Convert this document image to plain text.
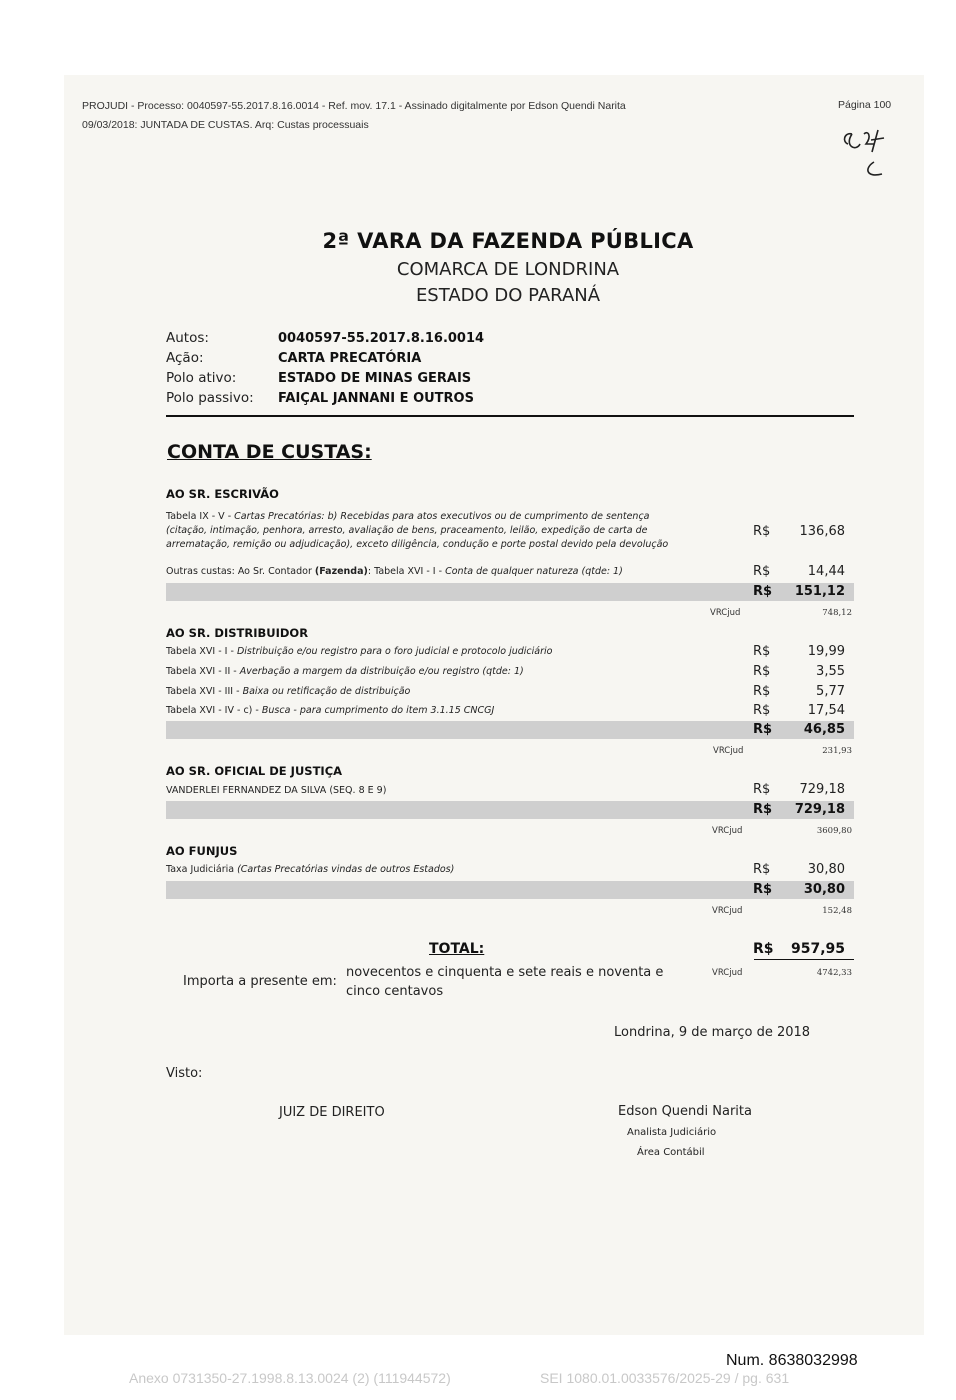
PROJUDI - Processo: 0040597-55.2017.8.16.0014 - Ref. mov. 17.1 - Assinado digitalmente por Edson Quendi Narita
09/03/2018: JUNTADA DE CUSTAS. Arq: Custas processuais
Página 100
2ª VARA DA FAZENDA PÚBLICA
COMARCA DE LONDRINA
ESTADO DO PARANÁ
Autos:	0040597-55.2017.8.16.0014
Ação:	CARTA PRECATÓRIA
Polo ativo:	ESTADO DE MINAS GERAIS
Polo passivo: FAIÇAL JANNANI E OUTROS
CONTA DE CUSTAS:
AO SR. ESCRIVÃO
Tabela IX - V - Cartas Precatórias: b) Recebidas para atos executivos ou de cumprimento de sentença
(citação, intimação, penhora, arresto, avaliação de bens, praceamento, leilão, expedição de carta de
arrematação, remição ou adjudicação), exceto diligência, condução e porte postal devido pela devolução
R$	136,68
Outras custas: Ao Sr. Contador (Fazenda): Tabela XVI - I - Conta de qualquer natureza (qtde: 1)	R$	14,44
R$	151,12
VRCjud	748,12
AO SR. DISTRIBUIDOR
Tabela XVI - I - Distribuição e/ou registro para o foro judicial e protocolo judiciário	R$	19,99
Tabela XVI - II - Averbação a margem da distribuição e/ou registro (qtde: 1)	R$	3,55
Tabela XVI - III - Baixa ou retificação de distribuição	R$	5,77
Tabela XVI - IV - c) - Busca - para cumprimento do item 3.1.15 CNCGJ	R$	17,54
R$	46,85
VRCjud	231,93
AO SR. OFICIAL DE JUSTIÇA
VANDERLEI FERNANDEZ DA SILVA (SEQ. 8 E 9)	R$	729,18
R$	729,18
VRCjud	3609,80
AO FUNJUS
Taxa Judiciária (Cartas Precatórias vindas de outros Estados)	R$	30,80
R$	30,80
VRCjud	152,48
TOTAL:	R$	957,95
Importa a presente em:
novecentos e cinquenta e sete reais e noventa e
cinco centavos
VRCjud	4742,33
Londrina, 9 de março de 2018
Visto:
JUIZ DE DIREITO	Edson Quendi Narita
Analista Judiciário
Área Contábil
Num. 8638032998
Anexo 0731350-27.1998.8.13.0024 (2) (111944572)	SEI 1080.01.0033576/2025-29 / pg. 631
